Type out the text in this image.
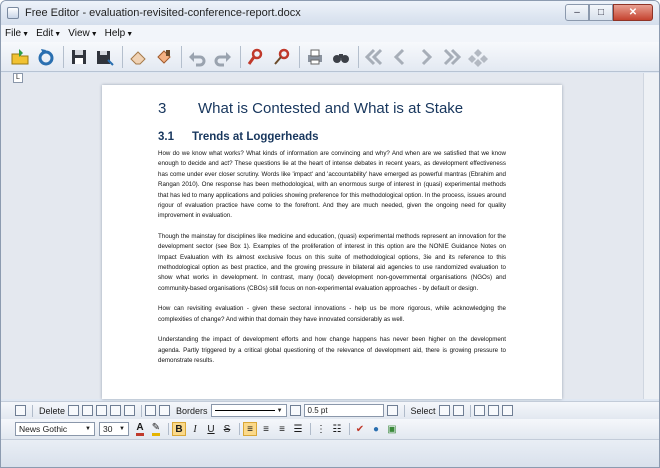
Free Editor - evaluation-revisited-conference-report.docx	–	□	✕
File▼ Edit▼ View▼ Help▼
L
3	What is Contested and What is at Stake
3.1	Trends at Loggerheads

How do we know what works? What kinds of information are convincing and why? And when are we satisfied that we know enough to decide and act? These questions lie at the heart of intense debates in recent years, as development effectiveness has come under ever closer scrutiny. Words like 'impact' and 'accountability' have emerged as powerful mantras (Ebrahim and Rangan 2010). One response has been methodological, with an enormous surge of interest in (quasi) experimental methods that has led to many applications and policies showing preference for this methodological option. In the process, issues around rigour of evaluation practice have come to the forefront. And they are much needed, given the ongoing need for quality improvement in evaluation.

Though the mainstay for disciplines like medicine and education, (quasi) experimental methods represent an innovation for the development sector (see Box 1). Examples of the proliferation of interest in this option are the NONIE Guidance Notes on Impact Evaluation with its almost exclusive focus on this suite of methodological options, 3ie and its reference to this methodological option as best practice, and the growing pressure in bilateral aid agencies to use randomized evaluation to show what works in development. In contrast, many (local) development non-governmental organisations (NGOs) and community-based organisations (CBOs) still focus on non-experimental evaluation approaches - by default or design.

How can revisiting evaluation - given these sectoral innovations - help us be more rigorous, while acknowledging the complexities of change? And within that domain they have innovated considerably as well.

Understanding the impact of development efforts and how change happens has never been higher on the development agenda. Partly triggered by a critical global questioning of the relevance of development aid, there is growing pressure to demonstrate results.

Delete	Borders	▼	0.5 pt	Select
News Gothic	▼ 30 ▼ A ✎ B I U S ≡ ≡ ≡ ☰ ⋮ ☷ ✔ ● ▣
